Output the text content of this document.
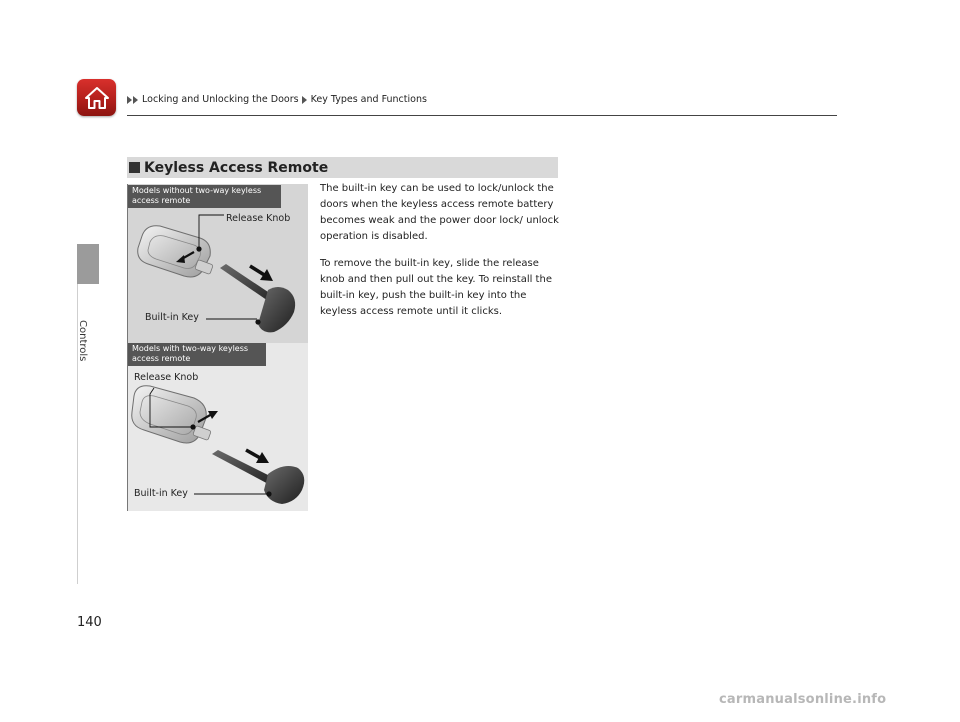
Locking and Unlocking the Doors Key Types and Functions
Controls
Keyless Access Remote
Models without two-way keyless access remote
Release Knob
Built-in Key
Models with two-way keyless access remote
Release Knob
Built-in Key

The built-in key can be used to lock/unlock the doors when the keyless access remote battery becomes weak and the power door lock/ unlock operation is disabled.

To remove the built-in key, slide the release knob and then pull out the key. To reinstall the built-in key, push the built-in key into the keyless access remote until it clicks.

140
carmanualsonline.info
